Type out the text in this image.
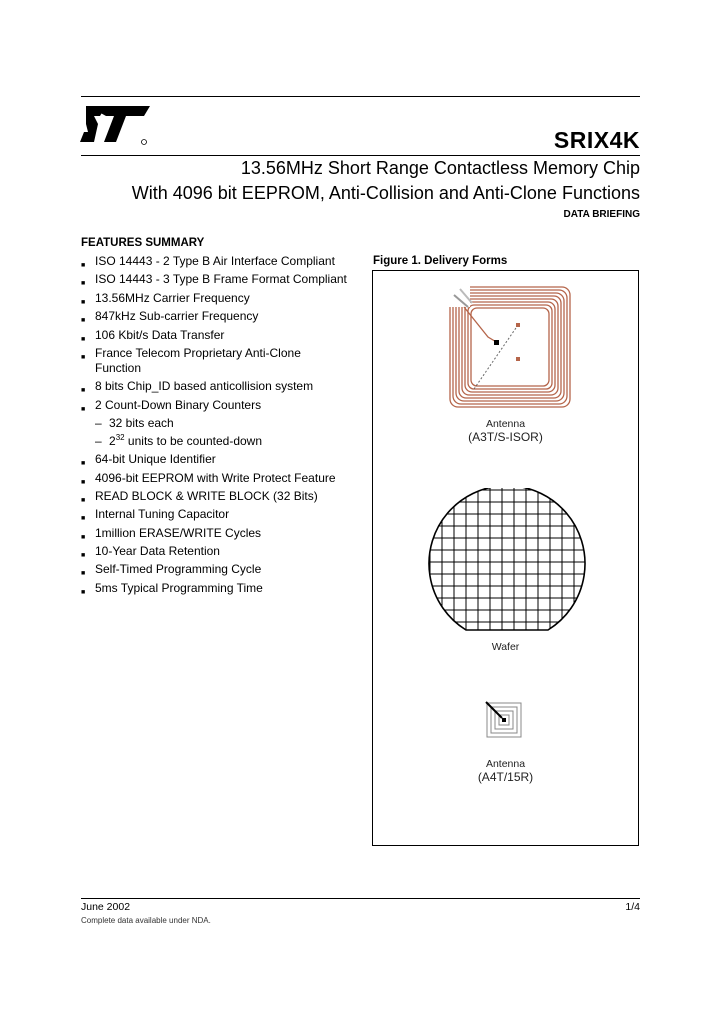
SRIX4K
13.56MHz Short Range Contactless Memory Chip
With 4096 bit EEPROM, Anti-Collision and Anti-Clone Functions
DATA BRIEFING
FEATURES SUMMARY
■ ISO 14443 - 2 Type B Air Interface Compliant
■ ISO 14443 - 3 Type B Frame Format Compliant
■ 13.56MHz Carrier Frequency
■ 847kHz Sub-carrier Frequency
■ 106 Kbit/s Data Transfer
■ France Telecom Proprietary Anti-Clone Function
■ 8 bits Chip_ID based anticollision system
■ 2 Count-Down Binary Counters
– 32 bits each
– $2^{32}$ units to be counted-down
■ 64-bit Unique Identifier
■ 4096-bit EEPROM with Write Protect Feature
■ READ BLOCK & WRITE BLOCK (32 Bits)
■ Internal Tuning Capacitor
■ 1million ERASE/WRITE Cycles
■ 10-Year Data Retention
■ Self-Timed Programming Cycle
■ 5ms Typical Programming Time
Figure 1. Delivery Forms
Antenna
(A3T/S-ISOR)
Wafer
Antenna
(A4T/15R)
June 2002	1/4
Complete data available under NDA.
